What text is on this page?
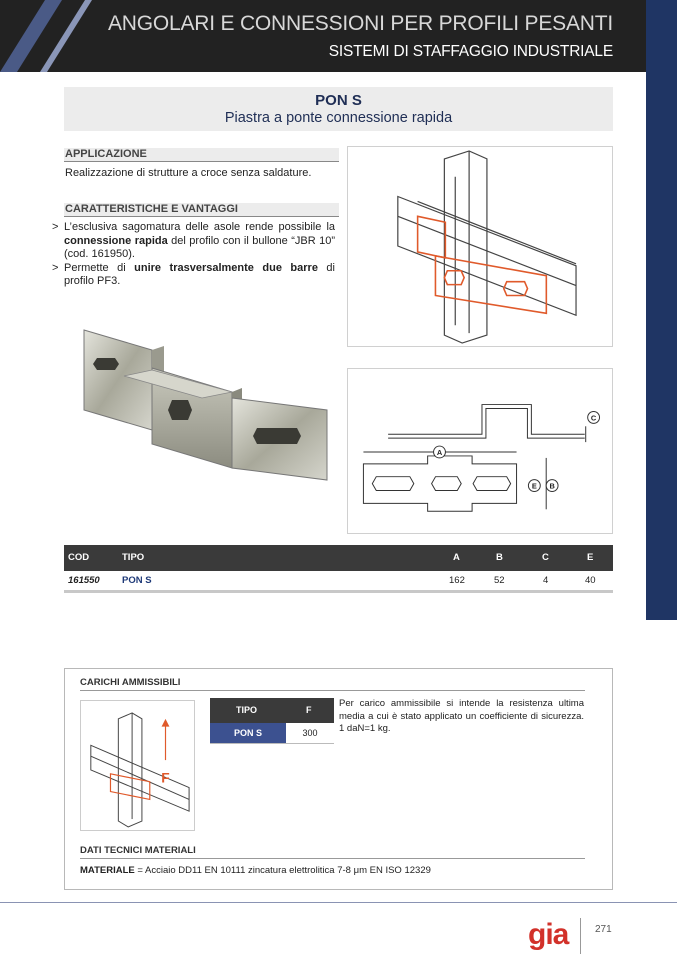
ANGOLARI E CONNESSIONI PER PROFILI PESANTI
SISTEMI DI STAFFAGGIO INDUSTRIALE
PON S
Piastra a ponte connessione rapida
APPLICAZIONE
Realizzazione di strutture a croce senza saldature.
CARATTERISTICHE E VANTAGGI
> L’esclusiva sagomatura delle asole rende possibile la connessione rapida del profilo con il bullone “JBR 10” (cod. 161950).
> Permette di unire trasversalmente due barre di profilo PF3.
A
E B
C
COD	TIPO	A	B	C	E
161550 PON S	162	52	4	40
CARICHI AMMISSIBILI
F
TIPO	F
PON S	300
Per carico ammissibile si intende la resistenza ultima media a cui è stato applicato un coefficiente di sicurezza. 1 daN=1 kg.
DATI TECNICI MATERIALI
MATERIALE = Acciaio DD11 EN 10111 zincatura elettrolitica 7-8 μm EN ISO 12329
gia	271
